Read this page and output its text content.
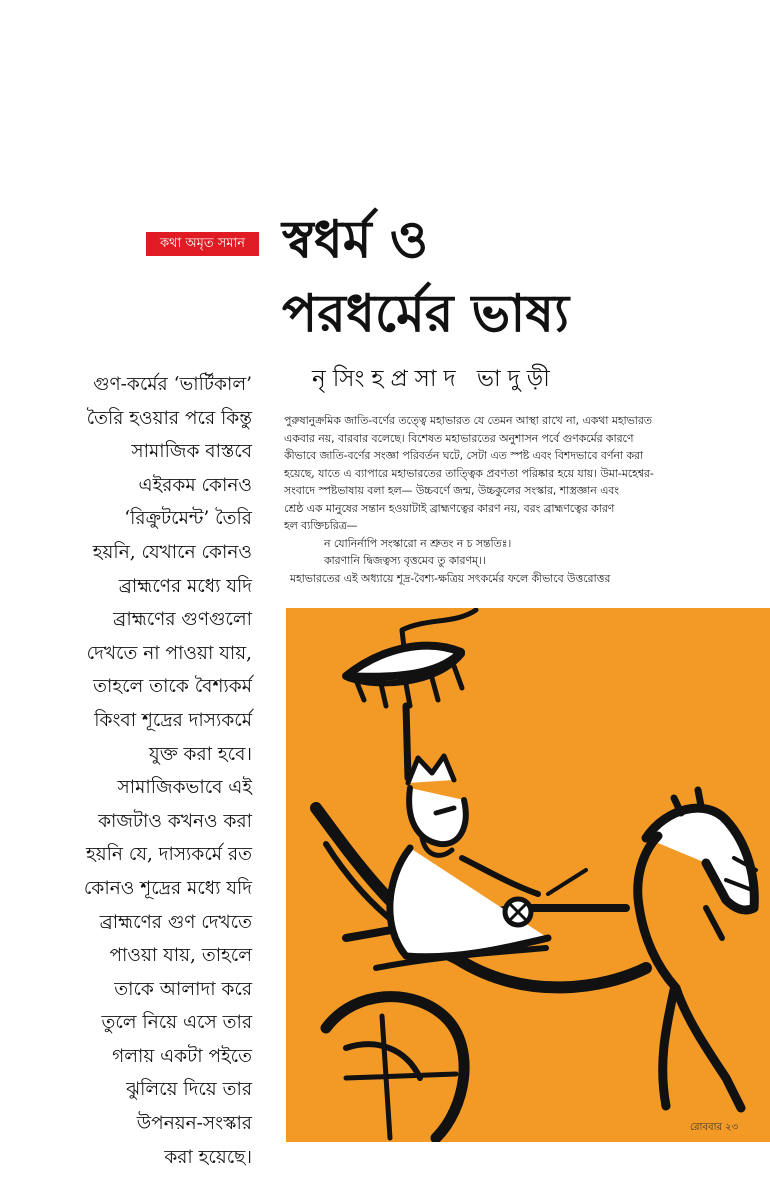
কথা অমৃত সমান স্বধর্ম ও
পরধর্মের ভাষ্য
নৃসিংহপ্রসাদ ভাদুড়ী
গুণ-কর্মের ‘ভার্টিকাল’
তৈরি হওয়ার পরে কিন্তু
সামাজিক বাস্তবে
এইরকম কোনও
‘রিক্রুটমেন্ট’ তৈরি
হয়নি, যেখানে কোনও
ব্রাহ্মণের মধ্যে যদি
ব্রাহ্মণের গুণগুলো
দেখতে না পাওয়া যায়,
তাহলে তাকে বৈশ্যকর্ম
কিংবা শূদ্রের দাস্যকর্মে
যুক্ত করা হবে।
সামাজিকভাবে এই
কাজটাও কখনও করা
হয়নি যে, দাস্যকর্মে রত
কোনও শূদ্রের মধ্যে যদি
ব্রাহ্মণের গুণ দেখতে
পাওয়া যায়, তাহলে
তাকে আলাদা করে
তুলে নিয়ে এসে তার
গলায় একটা পইতে
ঝুলিয়ে দিয়ে তার
উপনয়ন-সংস্কার
করা হয়েছে।
পুরুষানুক্রমিক জাতি-বর্ণের তত্ত্বে মহাভারত যে তেমন আস্থা রাখে না, একথা মহাভারত
একবার নয়, বারবার বলেছে। বিশেষত মহাভারতের অনুশাসন পর্বে গুণকর্মের কারণে
কীভাবে জাতি-বর্ণের সংজ্ঞা পরিবর্তন ঘটে, সেটা এত স্পষ্ট এবং বিশদভাবে বর্ণনা করা
হয়েছে, যাতে এ ব্যাপারে মহাভারতের তাত্ত্বিক প্রবণতা পরিষ্কার হয়ে যায়। উমা-মহেশ্বর-
সংবাদে স্পষ্টভাষায় বলা হল— উচ্চবর্ণে জন্ম, উচ্চকুলের সংস্কার, শাস্ত্রজ্ঞান এবং
শ্রেষ্ঠ এক মানুষের সন্তান হওয়াটাই ব্রাহ্মণত্বের কারণ নয়, বরং ব্রাহ্মণত্বের কারণ
হল ব্যক্তিচরিত্র—
ন যোনির্নাপি সংস্কারো ন শ্রুতং ন চ সন্ততিঃ।
কারণানি দ্বিজত্বস্য বৃত্তমেব তু কারণম্।।
মহাভারতের এই অধ্যায়ে শূদ্র-বৈশ্য-ক্ষত্রিয় সৎকর্মের ফলে কীভাবে উত্তরোত্তর
রোববার ২৩
